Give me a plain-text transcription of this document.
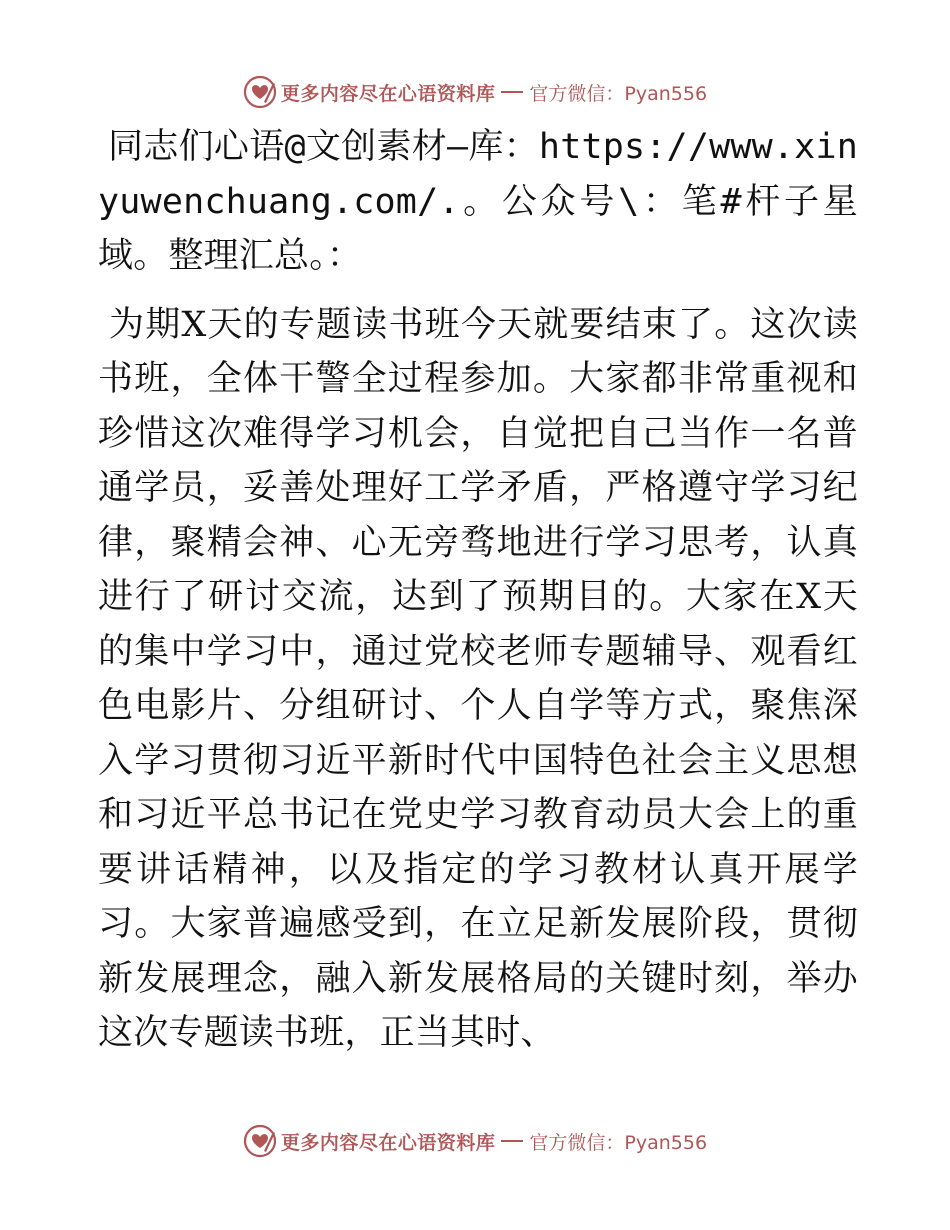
更多内容尽在心语资料库 官方微信：Pyan556

同志们心语@文创素材—库：https://www.xinyuwenchuang.com/.。公众号\：笔#杆子星域。整理汇总。：

为期X天的专题读书班今天就要结束了。这次读书班，全体干警全过程参加。大家都非常重视和珍惜这次难得学习机会，自觉把自己当作一名普通学员，妥善处理好工学矛盾，严格遵守学习纪律，聚精会神、心无旁骛地进行学习思考，认真进行了研讨交流，达到了预期目的。大家在X天的集中学习中，通过党校老师专题辅导、观看红色电影片、分组研讨、个人自学等方式，聚焦深入学习贯彻习近平新时代中国特色社会主义思想和习近平总书记在党史学习教育动员大会上的重要讲话精神，以及指定的学习教材认真开展学习。大家普遍感受到，在立足新发展阶段，贯彻新发展理念，融入新发展格局的关键时刻，举办这次专题读书班，正当其时、

更多内容尽在心语资料库 官方微信：Pyan556
